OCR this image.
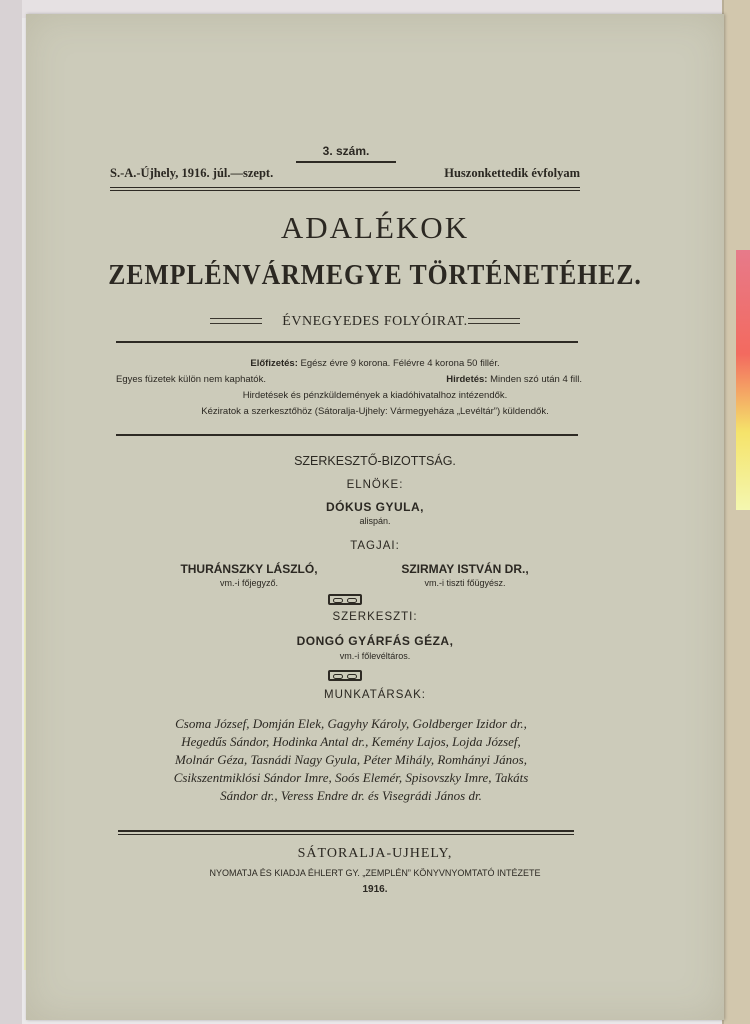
3. szám.
S.-A.-Újhely, 1916. júl.—szept.	Huszonkettedik évfolyam
ADALÉKOK
ZEMPLÉNVÁRMEGYE TÖRTÉNETÉHEZ.
ÉVNEGYEDES FOLYÓIRAT.
Előfizetés: Egész évre 9 korona. Félévre 4 korona 50 fillér.
Egyes füzetek külön nem kaphatók.	Hirdetés: Minden szó után 4 fill.
Hirdetések és pénzküldemények a kiadóhivatalhoz intézendők.
Kéziratok a szerkesztőhöz (Sátoraljа-Ujhely: Vármegyeháza „Levéltár”) küldendők.
SZERKESZTŐ-BIZOTTSÁG.
ELNÖKE:
DÓKUS GYULA,
alispán.
TAGJAI:
THURÁNSZKY LÁSZLÓ,
vm.-i főjegyző.
SZIRMAY ISTVÁN DR.,
vm.-i tiszti főügyész.
SZERKESZTI:
DONGÓ GYÁRFÁS GÉZA,
vm.-i főlevéltáros.
MUNKATÁRSAK:
Csoma József, Domján Elek, Gagyhy Károly, Goldberger Izidor dr.,
Hegedűs Sándor, Hodinka Antal dr., Kemény Lajos, Lojda József,
Molnár Géza, Tasnádi Nagy Gyula, Péter Mihály, Romhányi János,
Csikszentmiklósi Sándor Imre, Soós Elemér, Spisovszky Imre, Takáts
Sándor dr., Veress Endre dr. és Visegrádi János dr.
SÁTORALJA-UJHELY,
NYOMATJA ÉS KIADJA ÉHLERT GY. „ZEMPLÉN” KÖNYVNYOMTATÓ INTÉZETE
1916.
